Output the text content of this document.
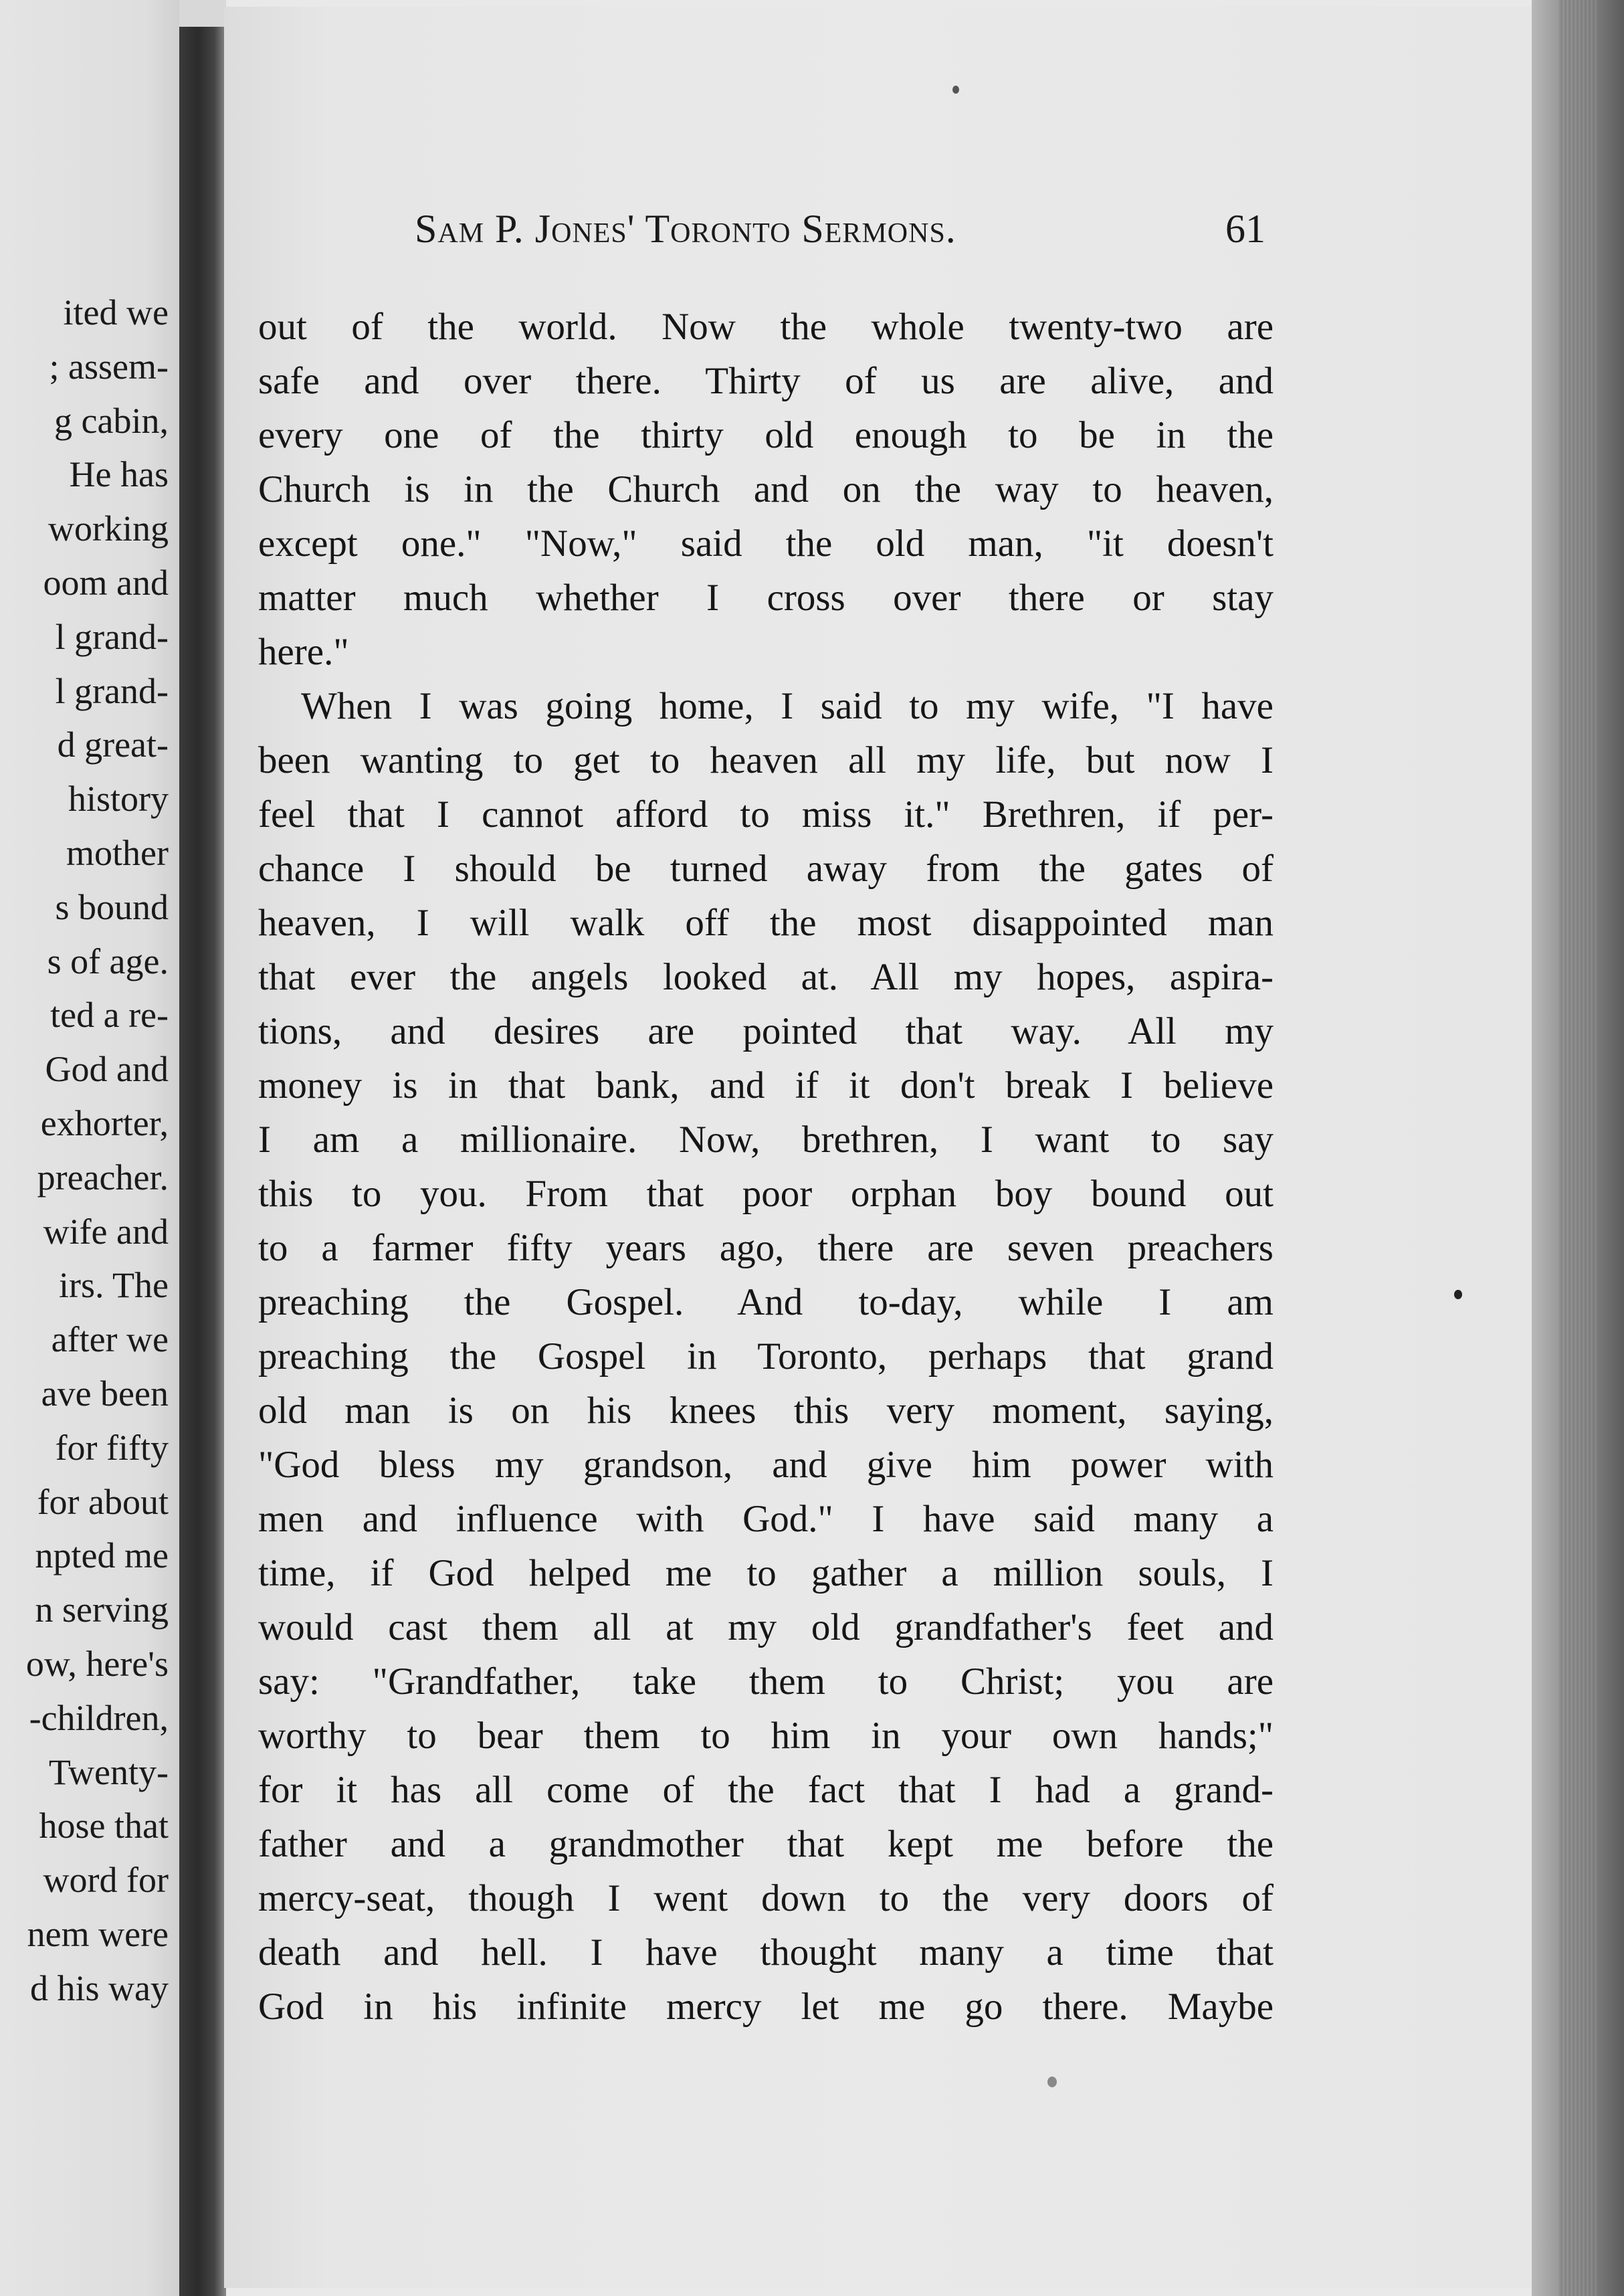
ited we
; assem-
g cabin,
He has
working
oom and
l grand-
l grand-
d great-
history
mother
s bound
s of age.
ted a re-
God and
exhorter,
preacher.
wife and
irs. The
after we
ave been
for fifty
for about
npted me
n serving
ow, here's
-children,
Twenty-
hose that
word for
nem were
d his way
Sam P. Jones' Toronto Sermons.	61
out of the world. Now the whole twenty-two are
safe and over there. Thirty of us are alive, and
every one of the thirty old enough to be in the
Church is in the Church and on the way to heaven,
except one." "Now," said the old man, "it doesn't
matter much whether I cross over there or stay
here."
When I was going home, I said to my wife, "I have
been wanting to get to heaven all my life, but now I
feel that I cannot afford to miss it." Brethren, if per-
chance I should be turned away from the gates of
heaven, I will walk off the most disappointed man
that ever the angels looked at. All my hopes, aspira-
tions, and desires are pointed that way. All my
money is in that bank, and if it don't break I believe
I am a millionaire. Now, brethren, I want to say
this to you. From that poor orphan boy bound out
to a farmer fifty years ago, there are seven preachers
preaching the Gospel. And to-day, while I am
preaching the Gospel in Toronto, perhaps that grand
old man is on his knees this very moment, saying,
"God bless my grandson, and give him power with
men and influence with God." I have said many a
time, if God helped me to gather a million souls, I
would cast them all at my old grandfather's feet and
say: "Grandfather, take them to Christ; you are
worthy to bear them to him in your own hands;"
for it has all come of the fact that I had a grand-
father and a grandmother that kept me before the
mercy-seat, though I went down to the very doors of
death and hell. I have thought many a time that
God in his infinite mercy let me go there. Maybe
